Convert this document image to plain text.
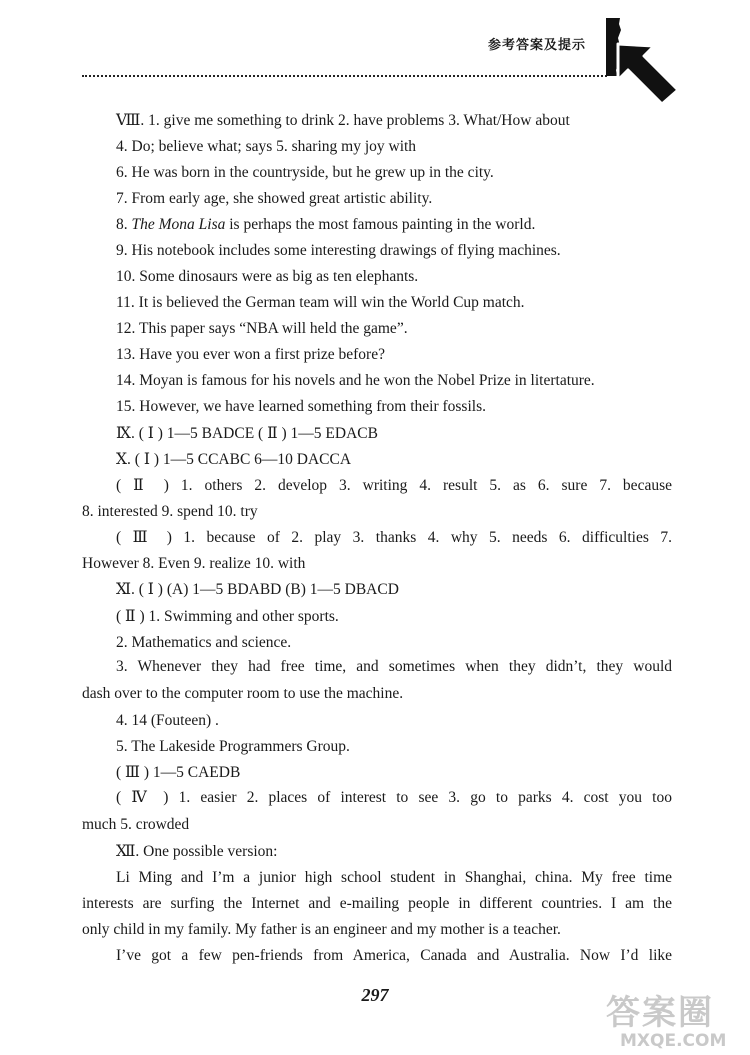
参考答案及提示
Ⅷ. 1. give me something to drink 2. have problems 3. What/How about
4. Do; believe what; says 5. sharing my joy with
6. He was born in the countryside, but he grew up in the city.
7. From early age, she showed great artistic ability.
8. The Mona Lisa is perhaps the most famous painting in the world.
9. His notebook includes some interesting drawings of flying machines.
10. Some dinosaurs were as big as ten elephants.
11. It is believed the German team will win the World Cup match.
12. This paper says “NBA will held the game”.
13. Have you ever won a first prize before?
14. Moyan is famous for his novels and he won the Nobel Prize in litertature.
15. However, we have learned something from their fossils.
Ⅸ. ( Ⅰ ) 1—5 BADCE ( Ⅱ ) 1—5 EDACB
Ⅹ. ( Ⅰ ) 1—5 CCABC 6—10 DACCA
( Ⅱ ) 1. others 2. develop 3. writing 4. result 5. as 6. sure 7. because
8. interested 9. spend 10. try
( Ⅲ ) 1. because of 2. play 3. thanks 4. why 5. needs 6. difficulties 7.
However 8. Even 9. realize 10. with
Ⅺ. ( Ⅰ ) (A) 1—5 BDABD (B) 1—5 DBACD
( Ⅱ ) 1. Swimming and other sports.
2. Mathematics and science.
3. Whenever they had free time, and sometimes when they didn’t, they would
dash over to the computer room to use the machine.
4. 14 (Fouteen) .
5. The Lakeside Programmers Group.
( Ⅲ ) 1—5 CAEDB
( Ⅳ ) 1. easier 2. places of interest to see 3. go to parks 4. cost you too
much 5. crowded
Ⅻ. One possible version:
Li Ming and I’m a junior high school student in Shanghai, china. My free time
interests are surfing the Internet and e-mailing people in different countries. I am the
only child in my family. My father is an engineer and my mother is a teacher.
I’ve got a few pen-friends from America, Canada and Australia. Now I’d like
297	答案圈
MXQE.COM
